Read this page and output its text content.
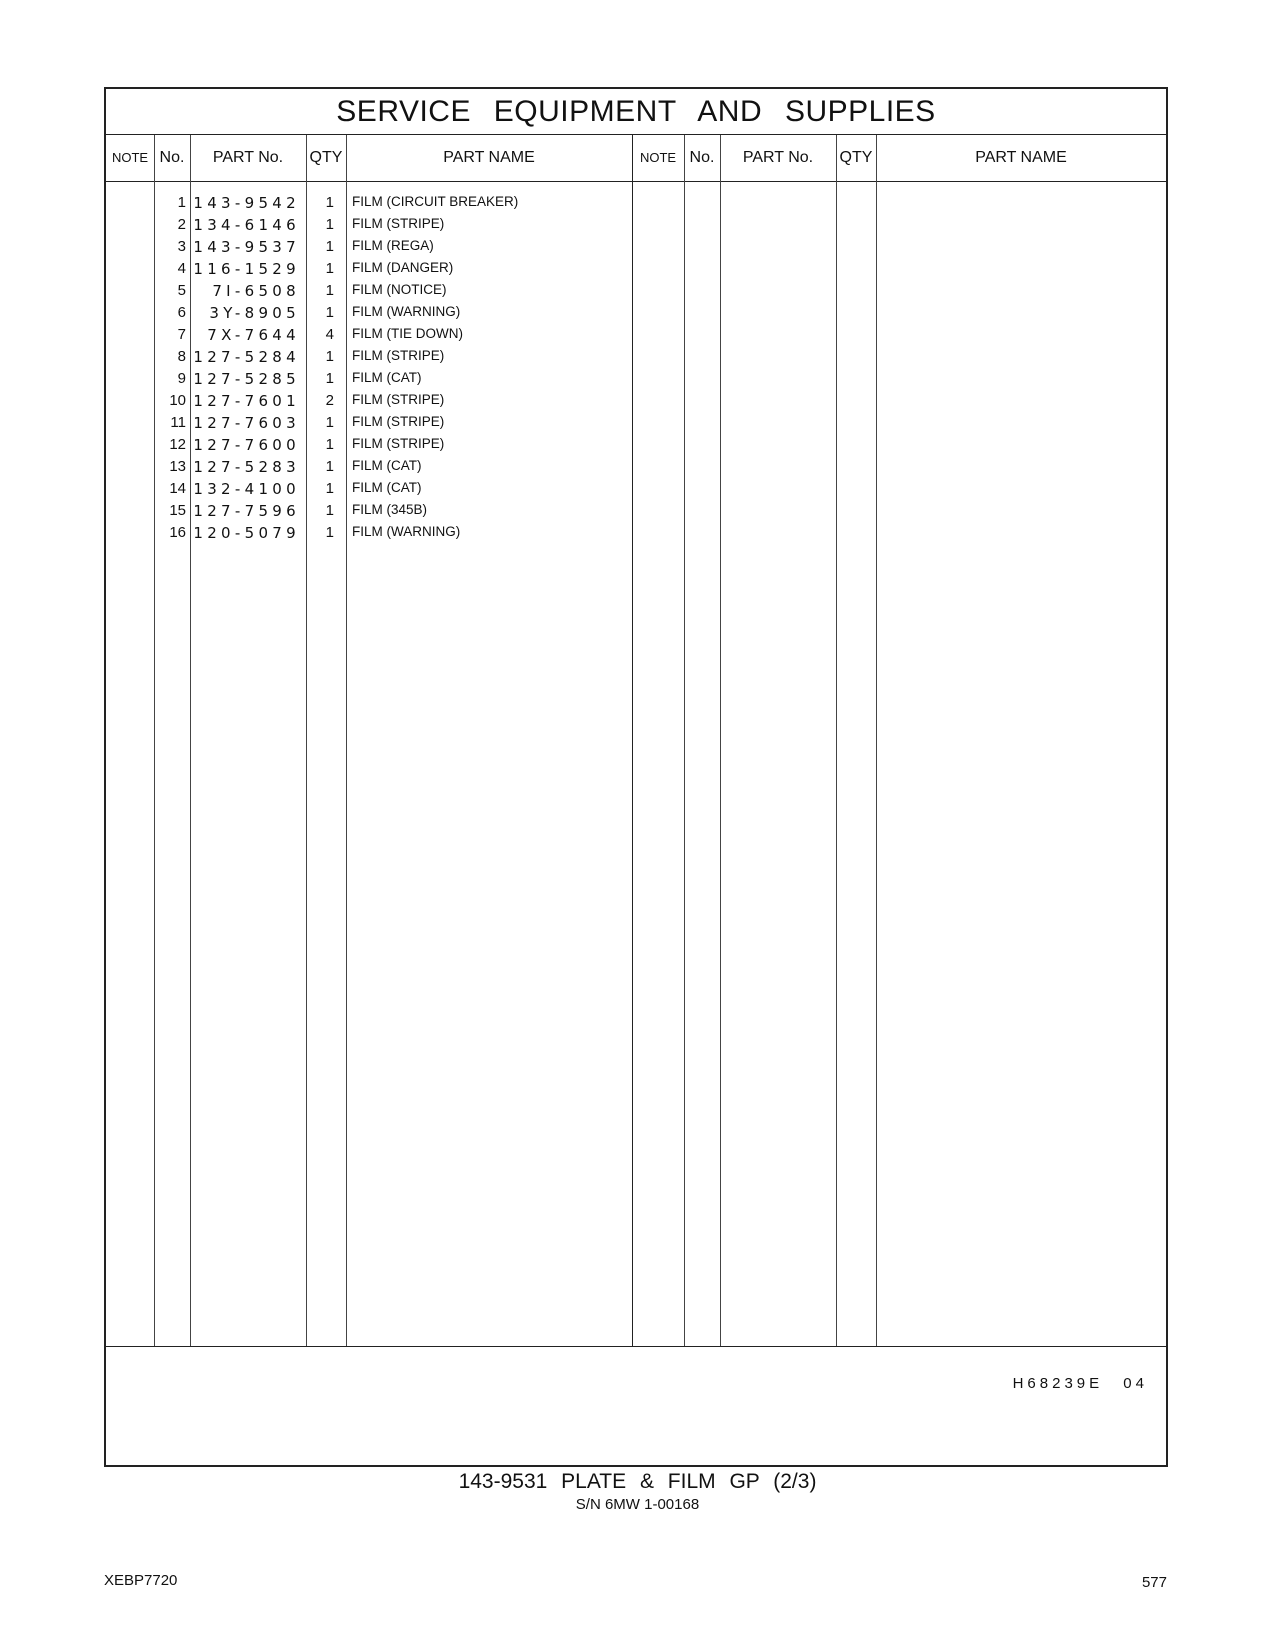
SERVICE EQUIPMENT AND SUPPLIES
NOTE No.	PART No.	QTY	PART NAME	NOTE No.	PART No.	QTY	PART NAME
1 143-9542	1 FILM (CIRCUIT BREAKER)
2 134-6146	1 FILM (STRIPE)
3 143-9537	1 FILM (REGA)
4 116-1529	1 FILM (DANGER)
5	7I-6508	1 FILM (NOTICE)
6	3Y-8905	1 FILM (WARNING)
7	7X-7644	4 FILM (TIE DOWN)
8 127-5284	1 FILM (STRIPE)
9 127-5285	1 FILM (CAT)
10 127-7601	2 FILM (STRIPE)
11 127-7603	1 FILM (STRIPE)
12 127-7600	1 FILM (STRIPE)
13 127-5283	1 FILM (CAT)
14 132-4100	1 FILM (CAT)
15 127-7596	1 FILM (345B)
16 120-5079	1 FILM (WARNING)
H68239E 04
143-9531 PLATE & FILM GP (2/3)
S/N 6MW 1-00168
XEBP7720	577
